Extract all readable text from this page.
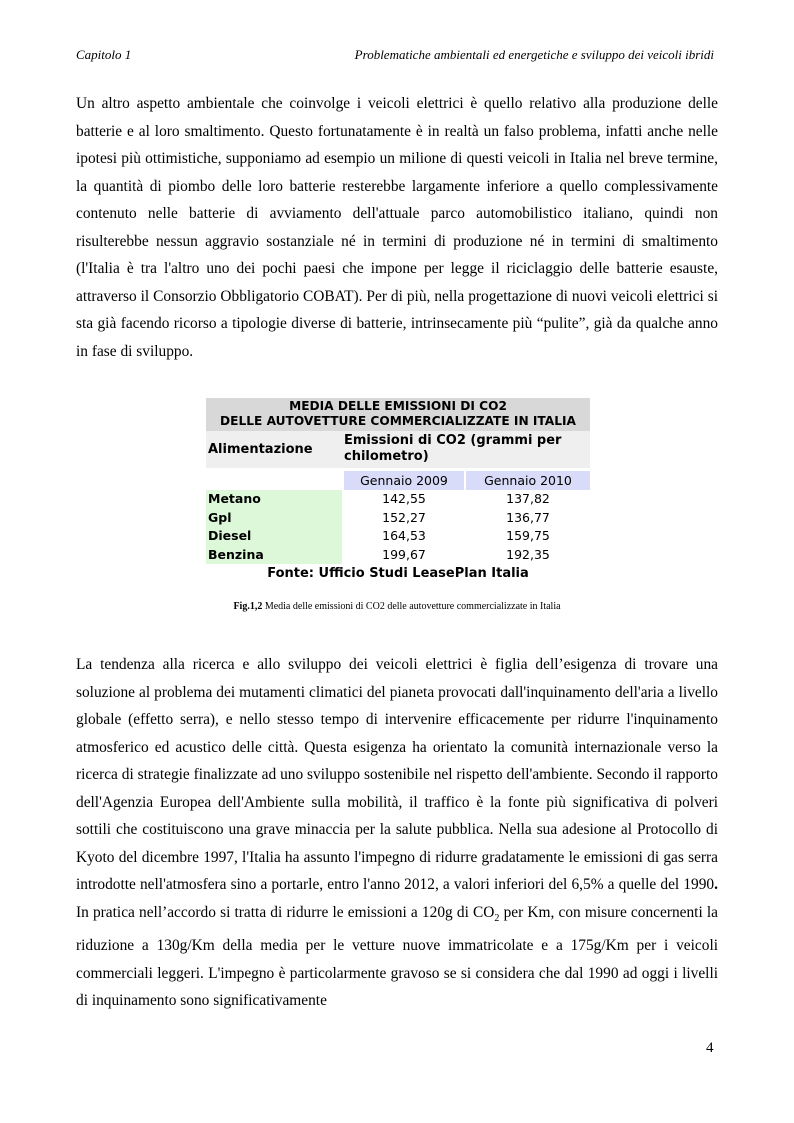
Capitolo 1	Problematiche ambientali ed energetiche e sviluppo dei veicoli ibridi

Un altro aspetto ambientale che coinvolge i veicoli elettrici è quello relativo alla produzione delle batterie e al loro smaltimento. Questo fortunatamente è in realtà un falso problema, infatti anche nelle ipotesi più ottimistiche, supponiamo ad esempio un milione di questi veicoli in Italia nel breve termine, la quantità di piombo delle loro batterie resterebbe largamente inferiore a quello complessivamente contenuto nelle batterie di avviamento dell'attuale parco automobilistico italiano, quindi non risulterebbe nessun aggravio sostanziale né in termini di produzione né in termini di smaltimento (l'Italia è tra l'altro uno dei pochi paesi che impone per legge il riciclaggio delle batterie esauste, attraverso il Consorzio Obbligatorio COBAT). Per di più, nella progettazione di nuovi veicoli elettrici si sta già facendo ricorso a tipologie diverse di batterie, intrinsecamente più “pulite”, già da qualche anno in fase di sviluppo.

MEDIA DELLE EMISSIONI DI CO2
DELLE AUTOVETTURE COMMERCIALIZZATE IN ITALIA
Alimentazione
Emissioni di CO2 (grammi per chilometro)
Gennaio 2009	Gennaio 2010
Metano	142,55	137,82
Gpl	152,27	136,77
Diesel	164,53	159,75
Benzina	199,67	192,35
Fonte: Ufficio Studi LeasePlan Italia
Fig.1,2 Media delle emissioni di CO2 delle autovetture commercializzate in Italia

La tendenza alla ricerca e allo sviluppo dei veicoli elettrici è figlia dell’esigenza di trovare una soluzione al problema dei mutamenti climatici del pianeta provocati dall'inquinamento dell'aria a livello globale (effetto serra), e nello stesso tempo di intervenire efficacemente per ridurre l'inquinamento atmosferico ed acustico delle città. Questa esigenza ha orientato la comunità internazionale verso la ricerca di strategie finalizzate ad uno sviluppo sostenibile nel rispetto dell'ambiente. Secondo il rapporto dell'Agenzia Europea dell'Ambiente sulla mobilità, il traffico è la fonte più significativa di polveri sottili che costituiscono una grave minaccia per la salute pubblica. Nella sua adesione al Protocollo di Kyoto del dicembre 1997, l'Italia ha assunto l'impegno di ridurre gradatamente le emissioni di gas serra introdotte nell'atmosfera sino a portarle, entro l'anno 2012, a valori inferiori del 6,5% a quelle del 1990. In pratica nell’accordo si tratta di ridurre le emissioni a 120g di $CO_2$ per Km, con misure concernenti la riduzione a 130g/Km della media per le vetture nuove immatricolate e a 175g/Km per i veicoli commerciali leggeri. L'impegno è particolarmente gravoso se si considera che dal 1990 ad oggi i livelli di inquinamento sono significativamente

4
